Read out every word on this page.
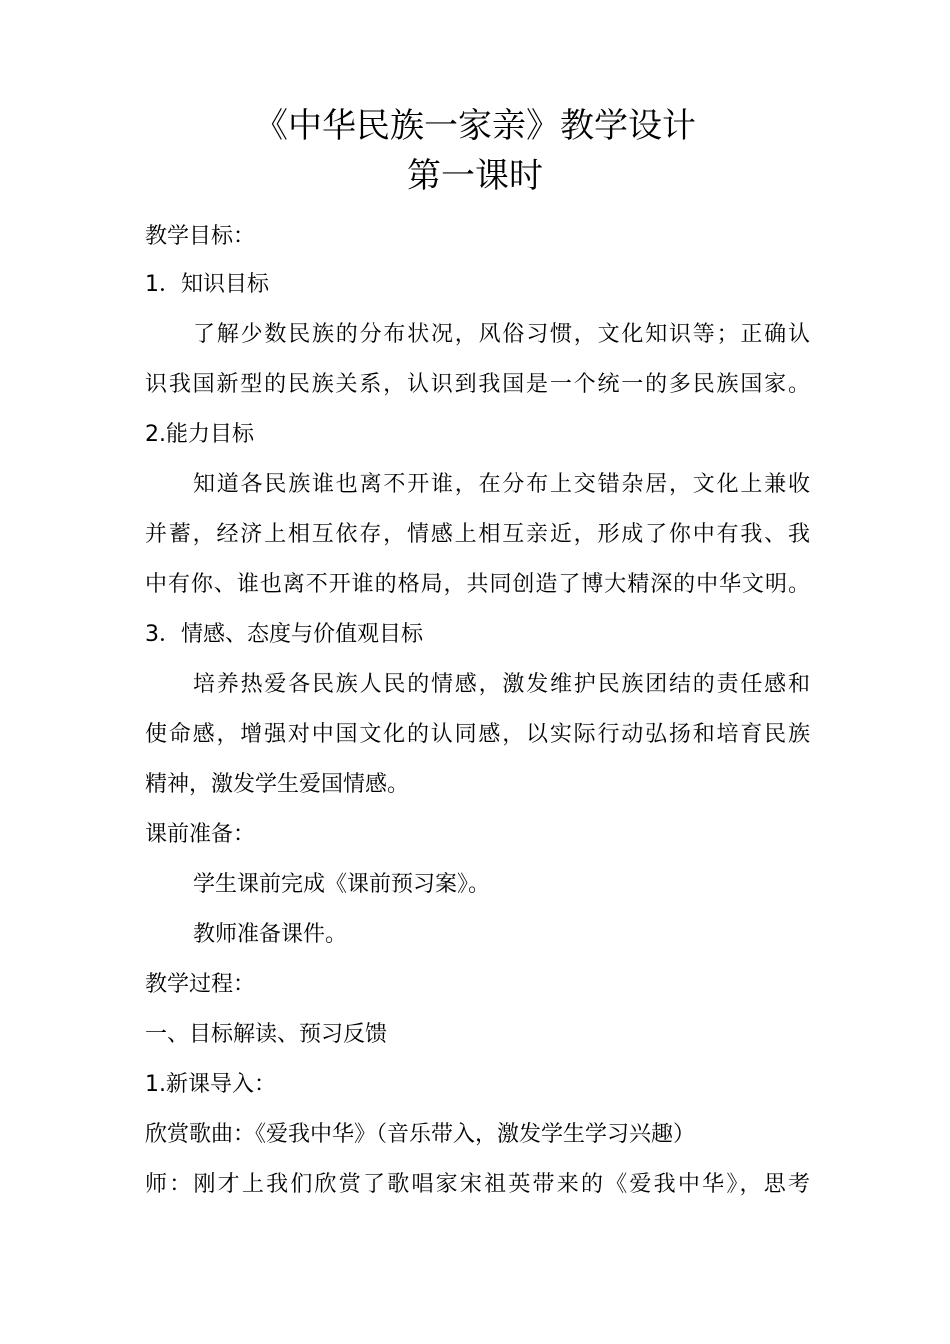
《中华民族一家亲》教学设计
第一课时

教学目标：

1．知识目标

了解少数民族的分布状况，风俗习惯，文化知识等；正确认

识我国新型的民族关系，认识到我国是一个统一的多民族国家。

2.能力目标

知道各民族谁也离不开谁，在分布上交错杂居，文化上兼收

并蓄，经济上相互依存，情感上相互亲近，形成了你中有我、我

中有你、谁也离不开谁的格局，共同创造了博大精深的中华文明。

3．情感、态度与价值观目标

培养热爱各民族人民的情感，激发维护民族团结的责任感和

使命感，增强对中国文化的认同感，以实际行动弘扬和培育民族

精神，激发学生爱国情感。

课前准备：

学生课前完成《课前预习案》。

教师准备课件。

教学过程：

一、目标解读、预习反馈

1.新课导入：

欣赏歌曲：《爱我中华》（音乐带入，激发学生学习兴趣）

师：刚才上我们欣赏了歌唱家宋祖英带来的《爱我中华》，思考
